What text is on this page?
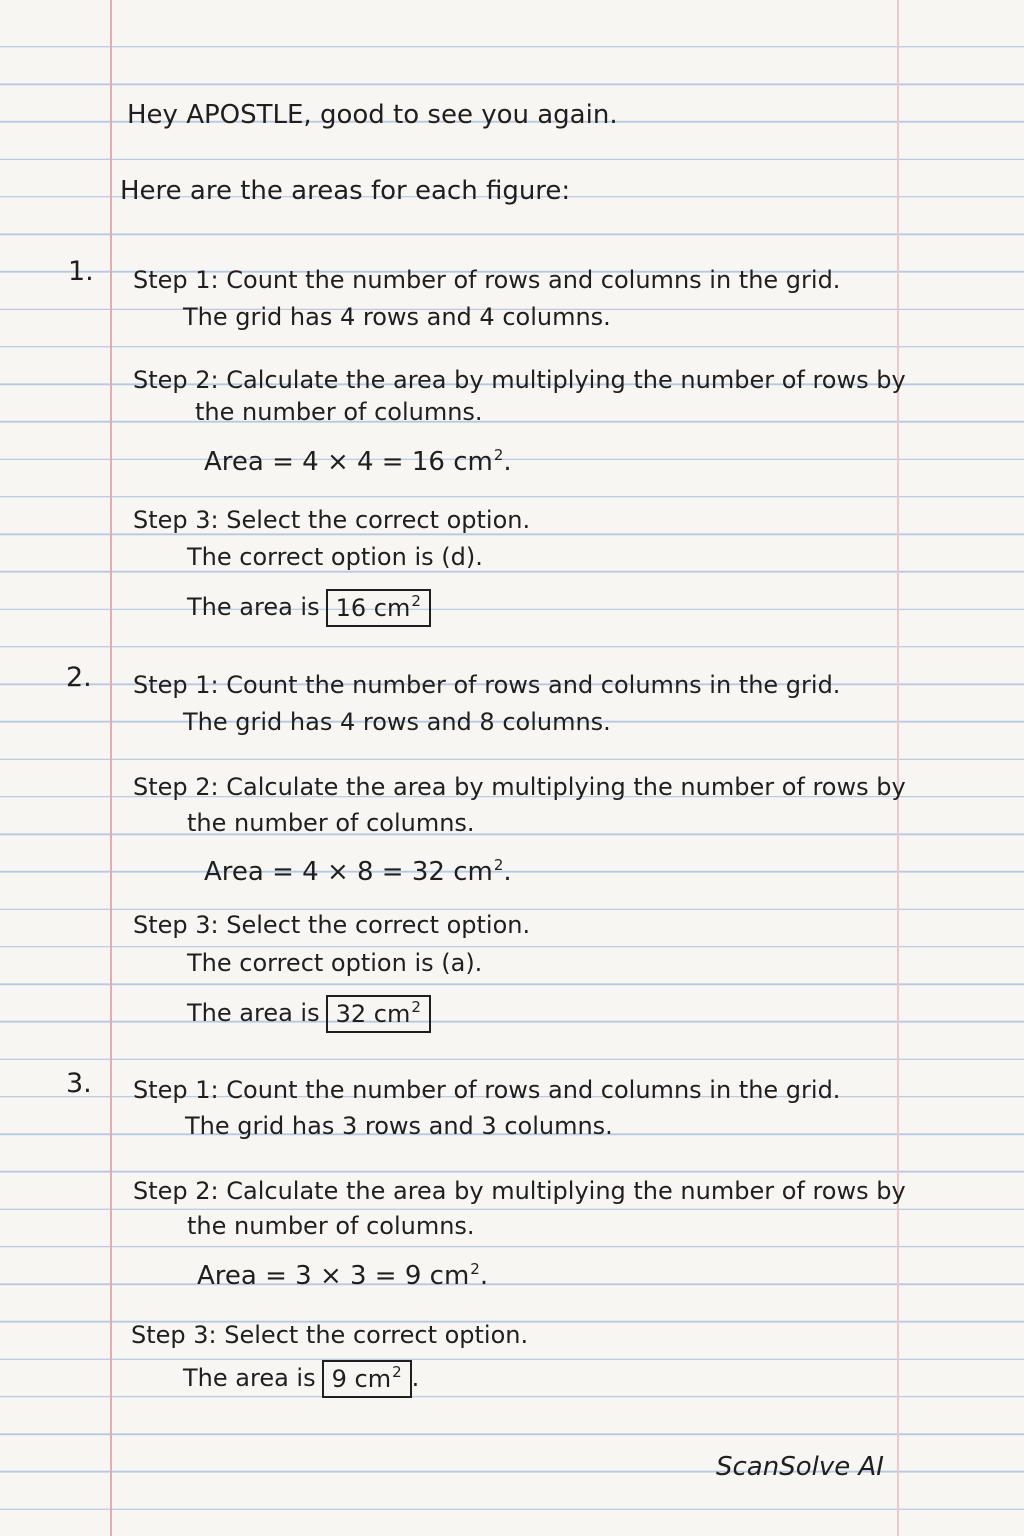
Hey APOSTLE, good to see you again.
Here are the areas for each figure:
1. Step 1: Count the number of rows and columns in the grid.
The grid has 4 rows and 4 columns.
Step 2: Calculate the area by multiplying the number of rows by
the number of columns.
Area = 4 × 4 = 16 cm 2 .
Step 3: Select the correct option.
The correct option is (d).
The area is 16 cm 2
2. Step 1: Count the number of rows and columns in the grid.
The grid has 4 rows and 8 columns.
Step 2: Calculate the area by multiplying the number of rows by
the number of columns.
Area = 4 × 8 = 32 cm 2 .
Step 3: Select the correct option.
The correct option is (a).
The area is 32 cm 2
3. Step 1: Count the number of rows and columns in the grid.
The grid has 3 rows and 3 columns.
Step 2: Calculate the area by multiplying the number of rows by
the number of columns.
Area = 3 × 3 = 9 cm 2 .
Step 3: Select the correct option.
The area is 9 cm 2 .
ScanSolve AI
